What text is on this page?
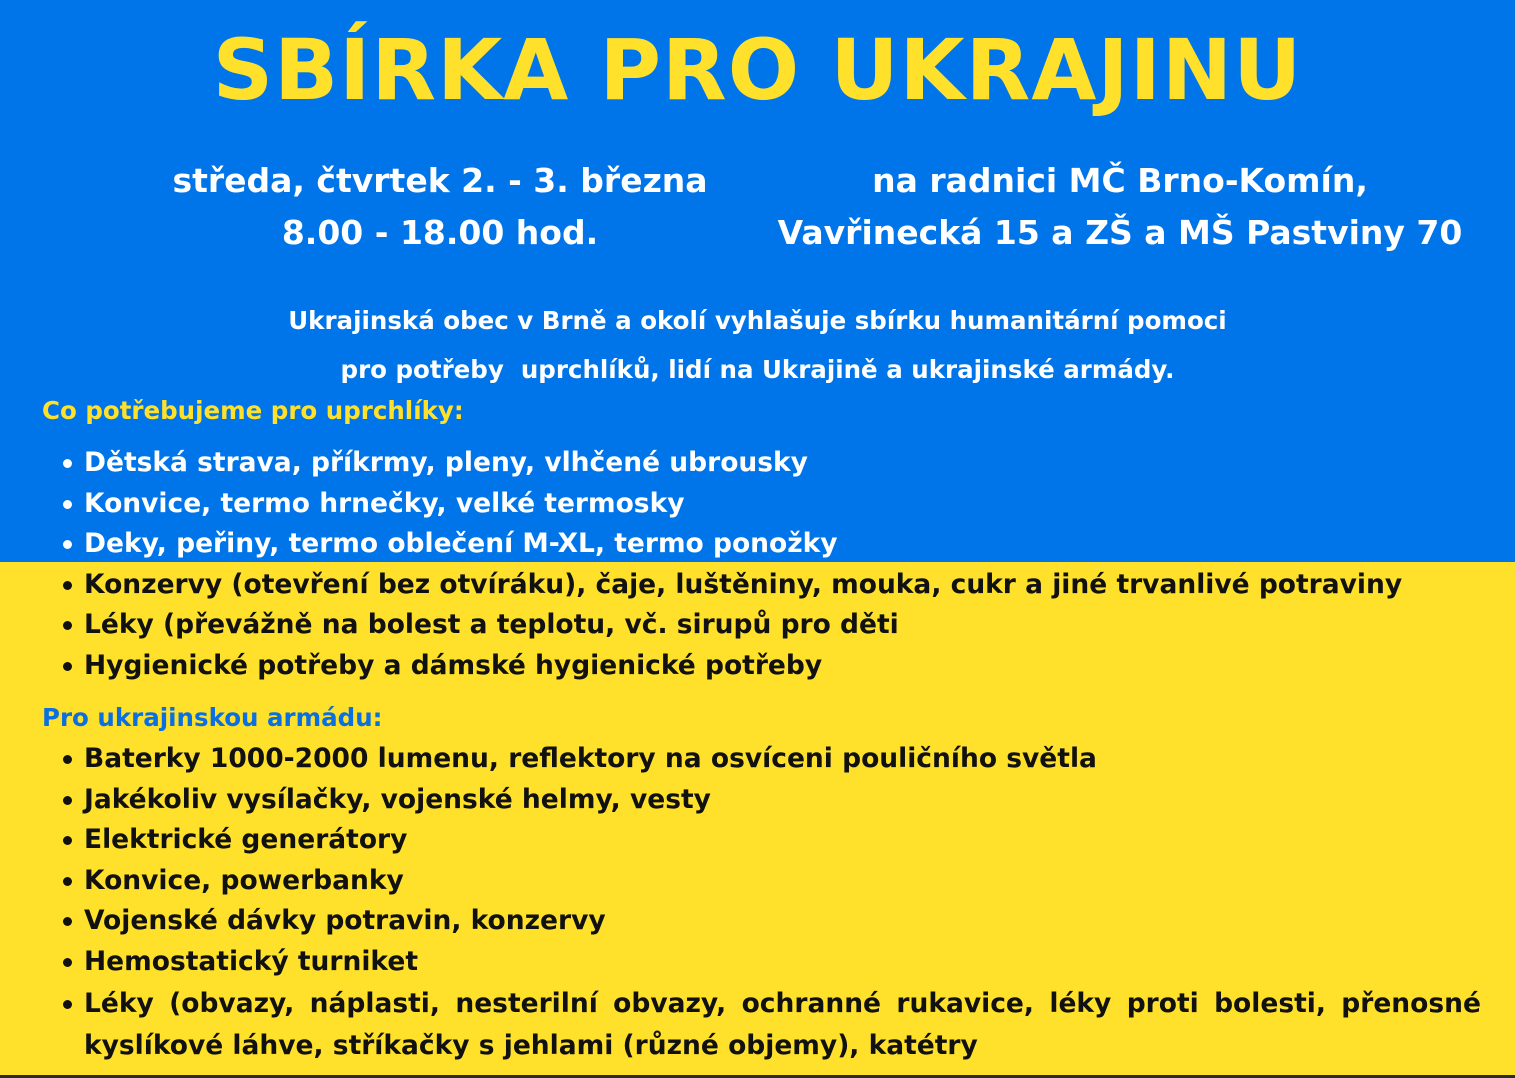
SBÍRKA PRO UKRAJINU
středa, čtvrtek 2. - 3. března
8.00 - 18.00 hod.
na radnici MČ Brno-Komín,
Vavřinecká 15 a ZŠ a MŠ Pastviny 70
Ukrajinská obec v Brně a okolí vyhlašuje sbírku humanitární pomoci
pro potřeby  uprchlíků, lidí na Ukrajině a ukrajinské armády.
Co potřebujeme pro uprchlíky:
Dětská strava, příkrmy, pleny, vlhčené ubrousky
Konvice, termo hrnečky, velké termosky
Deky, peřiny, termo oblečení M-XL, termo ponožky
Konzervy (otevření bez otvíráku), čaje, luštěniny, mouka, cukr a jiné trvanlivé potraviny
Léky (převážně na bolest a teplotu, vč. sirupů pro děti
Hygienické potřeby a dámské hygienické potřeby
Pro ukrajinskou armádu:
Baterky 1000-2000 lumenu, reflektory na osvíceni pouličního světla
Jakékoliv vysílačky, vojenské helmy, vesty
Elektrické generátory
Konvice, powerbanky
Vojenské dávky potravin, konzervy
Hemostatický turniket
Léky (obvazy, náplasti, nesterilní obvazy, ochranné rukavice, léky proti bolesti, přenosné kyslíkové láhve, stříkačky s jehlami (různé objemy), katétry
